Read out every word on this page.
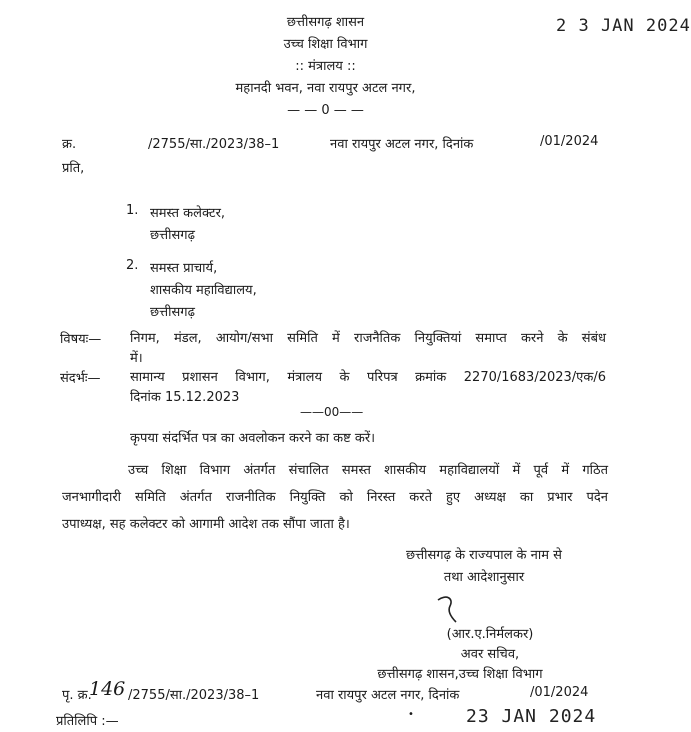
2 3 JAN 2024
छत्तीसगढ़ शासन
उच्च शिक्षा विभाग
:: मंत्रालय ::
महानदी भवन, नवा रायपुर अटल नगर,
— — 0 — —
क्र.	/2755/सा./2023/38–1	नवा रायपुर अटल नगर, दिनांक	/01/2024
प्रति,
1. समस्त कलेक्टर,
छत्तीसगढ़
2. समस्त प्राचार्य,
शासकीय महाविद्यालय,
छत्तीसगढ़
विषयः— निगम, मंडल, आयोग/सभा समिति में राजनैतिक नियुक्तियां समाप्त करने के संबंध
में।
संदर्भः— सामान्य प्रशासन विभाग, मंत्रालय के परिपत्र क्रमांक 2270/1683/2023/एक/6
दिनांक 15.12.2023
——00——
कृपया संदर्भित पत्र का अवलोकन करने का कष्ट करें।
उच्च शिक्षा विभाग अंतर्गत संचालित समस्त शासकीय महाविद्यालयों में पूर्व में गठित
जनभागीदारी समिति अंतर्गत राजनीतिक नियुक्ति को निरस्त करते हुए अध्यक्ष का प्रभार पदेन
उपाध्यक्ष, सह कलेक्टर को आगामी आदेश तक सौंपा जाता है।
छत्तीसगढ़ के राज्यपाल के नाम से
तथा आदेशानुसार
(आर.ए.निर्मलकर)
अवर सचिव,
छत्तीसगढ़ शासन,उच्च शिक्षा विभाग
पृ. क्र.
146 /2755/सा./2023/38–1	नवा रायपुर अटल नगर, दिनांक	/01/2024
प्रतिलिपि :—	•	23 JAN 2024
